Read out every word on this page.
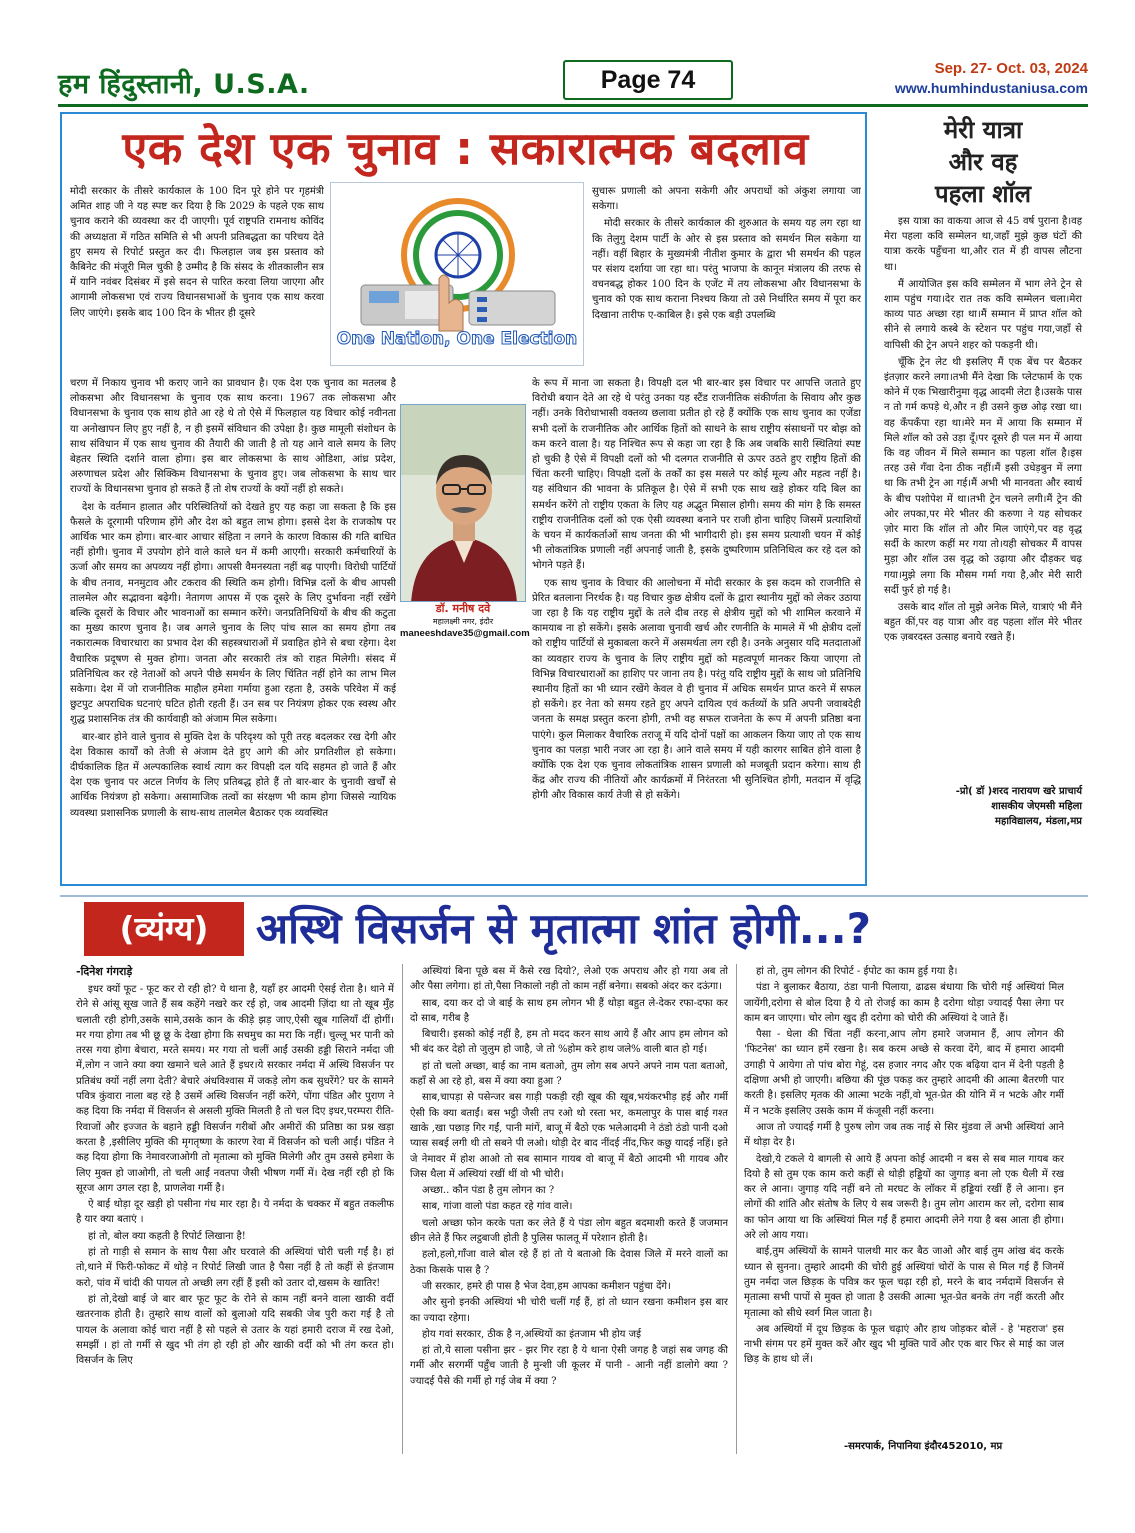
हम हिंदुस्तानी, U.S.A.	Page 74	Sep. 27- Oct. 03, 2024
www.humhindustaniusa.com
एक देश एक चुनाव : सकारात्मक बदलाव

मोदी सरकार के तीसरे कार्यकाल के 100 दिन पूरे होने पर गृहमंत्री अमित शाह जी ने यह स्पष्ट कर दिया है कि 2029 के पहले एक साथ चुनाव कराने की व्यवस्था कर दी जाएगी। पूर्व राष्ट्रपति रामनाथ कोविंद की अध्यक्षता में गठित समिति से भी अपनी प्रतिबद्धता का परिचय देते हुए समय से रिपोर्ट प्रस्तुत कर दी। फिलहाल जब इस प्रस्ताव को कैबिनेट की मंजूरी मिल चुकी है उम्मीद है कि संसद के शीतकालीन सत्र में यानि नवंबर दिसंबर में इसे सदन से पारित करवा लिया जाएगा और आगामी लोकसभा एवं राज्य विधानसभाओं के चुनाव एक साथ करवा लिए जाएंगे। इसके बाद 100 दिन के भीतर ही दूसरे

One Nation, One Election

सुचारू प्रणाली को अपना सकेगी और अपराधों को अंकुश लगाया जा सकेगा।

मोदी सरकार के तीसरे कार्यकाल की शुरुआत के समय यह लग रहा था कि तेलुगु देशम पार्टी के ओर से इस प्रस्ताव को समर्थन मिल सकेगा या नहीं। वहीं बिहार के मुख्यमंत्री नीतीश कुमार के द्वारा भी समर्थन की पहल पर संशय दर्शाया जा रहा था। परंतु भाजपा के कानून मंत्रालय की तरफ से वचनबद्ध होकर 100 दिन के एजेंट में तय लोकसभा और विधानसभा के चुनाव को एक साथ कराना निश्चय किया तो उसे निर्धारित समय में पूरा कर दिखाना तारीफ ए-काबिल है। इसे एक बड़ी उपलब्धि

चरण में निकाय चुनाव भी कराए जाने का प्रावधान है। एक देश एक चुनाव का मतलब है लोकसभा और विधानसभा के चुनाव एक साथ करना। 1967 तक लोकसभा और विधानसभा के चुनाव एक साथ होते आ रहे थे तो ऐसे में फिलहाल यह विचार कोई नवीनता या अनोखापन लिए हुए नहीं है, न ही इसमें संविधान की उपेक्षा है। कुछ मामूली संशोधन के साथ संविधान में एक साथ चुनाव की तैयारी की जाती है तो यह आने वाले समय के लिए बेहतर स्थिति दर्शाने वाला होगा। इस बार लोकसभा के साथ ओडिशा, आंध्र प्रदेश, अरुणाचल प्रदेश और सिक्किम विधानसभा के चुनाव हुए। जब लोकसभा के साथ चार राज्यों के विधानसभा चुनाव हो सकते हैं तो शेष राज्यों के क्यों नहीं हो सकते।

देश के वर्तमान हालात और परिस्थितियों को देखते हुए यह कहा जा सकता है कि इस फैसले के दूरगामी परिणाम होंगे और देश को बहुत लाभ होगा। इससे देश के राजकोष पर आर्थिक भार कम होगा। बार-बार आचार संहिता न लगने के कारण विकास की गति बाधित नहीं होगी। चुनाव में उपयोग होने वाले काले धन में कमी आएगी। सरकारी कर्मचारियों के ऊर्जा और समय का अपव्यय नहीं होगा। आपसी वैमनस्यता नहीं बढ़ पाएगी। विरोधी पार्टियों के बीच तनाव, मनमुटाव और टकराव की स्थिति कम होगी। विभिन्न दलों के बीच आपसी तालमेल और सद्भावना बढ़ेगी। नेतागण आपस में एक दूसरे के लिए दुर्भावना नहीं रखेंगे बल्कि दूसरों के विचार और भावनाओं का सम्मान करेंगे। जनप्रतिनिधियों के बीच की कटुता का मुख्य कारण चुनाव है। जब अगले चुनाव के लिए पांच साल का समय होगा तब नकारात्मक विचारधारा का प्रभाव देश की सहस्त्रधाराओं में प्रवाहित होने से बचा रहेगा। देश वैचारिक प्रदूषण से मुक्त होगा। जनता और सरकारी तंत्र को राहत मिलेगी। संसद में प्रतिनिधित्व कर रहे नेताओं को अपने पीछे समर्थन के लिए चिंतित नहीं होने का लाभ मिल सकेगा। देश में जो राजनीतिक माहौल हमेशा गर्माया हुआ रहता है, उसके परिवेश में कई छुटपुट अपराधिक घटनाएं घटित होती रहती हैं। उन सब पर नियंत्रण होकर एक स्वस्थ और शुद्ध प्रशासनिक तंत्र की कार्यवाही को अंजाम मिल सकेगा।

बार-बार होने वाले चुनाव से मुक्ति देश के परिदृश्य को पूरी तरह बदलकर रख देगी और देश विकास कार्यों को तेजी से अंजाम देते हुए आगे की ओर प्रगतिशील हो सकेगा। दीर्घकालिक हित में अल्पकालिक स्वार्थ त्याग कर विपक्षी दल यदि सहमत हो जाते हैं और देश एक चुनाव पर अटल निर्णय के लिए प्रतिबद्ध होते हैं तो बार-बार के चुनावी खर्चों से आर्थिक नियंत्रण हो सकेगा। असामाजिक तत्वों का संरक्षण भी काम होगा जिससे न्यायिक व्यवस्था प्रशासनिक प्रणाली के साथ-साथ तालमेल बैठाकर एक व्यवस्थित

डॉ. मनीष दवे
महालक्ष्मी नगर, इंदौर
maneeshdave35@gmail.com

के रूप में माना जा सकता है। विपक्षी दल भी बार-बार इस विचार पर आपत्ति जताते हुए विरोधी बयान देते आ रहे थे परंतु उनका यह स्टैंड राजनीतिक संकीर्णता के सिवाय और कुछ नहीं। उनके विरोधाभासी वक्तव्य छलावा प्रतीत हो रहे हैं क्योंकि एक साथ चुनाव का एजेंडा सभी दलों के राजनीतिक और आर्थिक हितों को साधने के साथ राष्ट्रीय संसाधनों पर बोझ को कम करने वाला है। यह निश्चित रूप से कहा जा रहा है कि अब जबकि सारी स्थितियां स्पष्ट हो चुकी है ऐसे में विपक्षी दलों को भी दलगत राजनीति से ऊपर उठते हुए राष्ट्रीय हितों की चिंता करनी चाहिए। विपक्षी दलों के तर्कों का इस मसले पर कोई मूल्य और महत्व नहीं है। यह संविधान की भावना के प्रतिकूल है। ऐसे में सभी एक साथ खड़े होकर यदि बिल का समर्थन करेंगे तो राष्ट्रीय एकता के लिए यह अद्भुत मिसाल होगी। समय की मांग है कि समस्त राष्ट्रीय राजनीतिक दलों को एक ऐसी व्यवस्था बनाने पर राजी होना चाहिए जिसमें प्रत्याशियों के चयन में कार्यकर्ताओं साथ जनता की भी भागीदारी हो। इस समय प्रत्याशी चयन में कोई भी लोकतांत्रिक प्रणाली नहीं अपनाई जाती है, इसके दुष्परिणाम प्रतिनिधित्व कर रहे दल को भोगने पड़ते हैं।

एक साथ चुनाव के विचार की आलोचना में मोदी सरकार के इस कदम को राजनीति से प्रेरित बतलाना निरर्थक है। यह विचार कुछ क्षेत्रीय दलों के द्वारा स्थानीय मुद्दों को लेकर उठाया जा रहा है कि यह राष्ट्रीय मुद्दों के तले दीब तरह से क्षेत्रीय मुद्दों को भी शामिल करवाने में कामयाब ना हो सकेंगे। इसके अलावा चुनावी खर्च और रणनीति के मामले में भी क्षेत्रीय दलों को राष्ट्रीय पार्टियों से मुकाबला करने में असमर्थता लग रही है। उनके अनुसार यदि मतदाताओं का व्यवहार राज्य के चुनाव के लिए राष्ट्रीय मुद्दों को महत्वपूर्ण मानकर किया जाएगा तो विभिन्न विचारधाराओं का हाशिए पर जाना तय है। परंतु यदि राष्ट्रीय मुद्दों के साथ जो प्रतिनिधि स्थानीय हितों का भी ध्यान रखेंगे केवल वे ही चुनाव में अधिक समर्थन प्राप्त करने में सफल हो सकेंगे। हर नेता को समय रहते हुए अपने दायित्व एवं कर्तव्यों के प्रति अपनी जवाबदेही जनता के समक्ष प्रस्तुत करना होगी, तभी वह सफल राजनेता के रूप में अपनी प्रतिष्ठा बना पाएंगे। कुल मिलाकर वैचारिक तराजू में यदि दोनों पक्षों का आकलन किया जाए तो एक साथ चुनाव का पलड़ा भारी नजर आ रहा है। आने वाले समय में यही कारगर साबित होने वाला है क्योंकि एक देश एक चुनाव लोकतांत्रिक शासन प्रणाली को मजबूती प्रदान करेगा। साथ ही केंद्र और राज्य की नीतियों और कार्यक्रमों में निरंतरता भी सुनिश्चित होगी, मतदान में वृद्धि होगी और विकास कार्य तेजी से हो सकेंगे।

मेरी यात्रा
और वह
पहला शॉल

इस यात्रा का वाकया आज से 45 वर्ष पुराना है।वह मेरा पहला कवि सम्मेलन था,जहाँ मुझे कुछ घंटों की यात्रा करके पहुँचना था,और रात में ही वापस लौटना था।

मैं आयोजित इस कवि सम्मेलन में भाग लेने ट्रेन से शाम पहुंच गया।देर रात तक कवि सम्मेलन चला।मेरा काव्य पाठ अच्छा रहा था।मैं सम्मान में प्राप्त शॉल को सीने से लगाये कस्बे के स्टेशन पर पहुंच गया,जहाँ से वापिसी की ट्रेन अपने शहर को पकड़नी थी।

चूँकि ट्रेन लेट थी इसलिए मैं एक बेंच पर बैठकर इंतज़ार करने लगा।तभी मैंने देखा कि प्लेटफार्म के एक कोने में एक भिखारीनुमा वृद्ध आदमी लेटा है।उसके पास न तो गर्म कपड़े थे,और न ही उसने कुछ ओढ़ रखा था।वह कँपकँपा रहा था।मेरे मन में आया कि सम्मान में मिले शॉल को उसे उड़ा दूँ।पर दूसरे ही पल मन में आया कि वह जीवन में मिले सम्मान का पहला शॉल है।इस तरह उसे गँवा देना ठीक नहीं।मैं इसी उधेड़बुन में लगा था कि तभी ट्रेन आ गई।मैं अभी भी मानवता और स्वार्थ के बीच पशोपेश में था।तभी ट्रेन चलने लगी।मैं ट्रेन की ओर लपका,पर मेरे भीतर की करुणा ने यह सोचकर ज़ोर मारा कि शॉल तो और मिल जाएंगे,पर वह वृद्ध सर्दी के कारण कहीं मर गया तो।यही सोचकर मैं वापस मुड़ा और शॉल उस वृद्ध को उढ़ाया और दौड़कर चढ़ गया।मुझे लगा कि मौसम गर्मा गया है,और मेरी सारी सर्दी फुर्र हो गई है।

उसके बाद शॉल तो मुझे अनेक मिले, यात्राएं भी मैंने बहुत कीं,पर वह यात्रा और वह पहला शॉल मेरे भीतर एक ज़बरदस्त उत्साह बनाये रखते हैं।

-प्रो( डॉ )शरद नारायण खरे प्राचार्य
शासकीय जेएमसी महिला
महाविद्यालय, मंडला,मप्र
(व्यंग्य)	अस्थि विसर्जन से मृतात्मा शांत होगी...?
-दिनेश गंगराड़े

इधर क्यों फूट - फूट कर रो रही हो? ये थाना है, यहाँ हर आदमी ऐसई रोता है। थाने में रोने से आंसू सूख जाते हैं सब कहेंगे नखरे कर रई हो, जब आदमी ज़िंदा था तो खूब मुँह चलाती रही होगी,उसके सामे,उसके कान के कीड़े झड़ जाए,ऐसी खूब गालियाँ दीं होगीं। मर गया होगा तब भी छू छू के देखा होगा कि सचमुच का मरा कि नहीं। चुल्लू भर पानी को तरस गया होगा बेचारा, मरते समय। मर गया तो चलीं आईं उसकी हड्डी सिराने नर्मदा जी में,लोग न जाने क्या क्या खमाने चले आते हैं इधर।ये सरकार नर्मदा में अस्थि विसर्जन पर प्रतिबंध क्यों नहीं लगा देती? बेचारे अंधविश्वास में जकड़े लोग कब सुधरेंगे? घर के सामने पवित्र कुंवारा नाला बह रहे है उसमें अस्थि विसर्जन नहीं करेंगे, पोंगा पंडित और पुराण ने कह दिया कि नर्मदा में विसर्जन से असली मुक्ति मिलती है तो चल दिए इधर,परम्परा रीति-रिवाजों और इज्जत के बहाने हड्डी विसर्जन गरीबों और अमीरों की प्रतिष्ठा का प्रश्न खड़ा करता है ,इसीलिए मुक्ति की मृगतृष्णा के कारण रेवा में विसर्जन को चली आईं। पंडित ने कह दिया होगा कि नेमावरजाओगी तो मृतात्मा को मुक्ति मिलेगी और तुम उससे हमेशा के लिए मुक्त हो जाओगी, तो चली आईं नवतपा जैसी भीषण गर्मी में। देख नहीं रही हो कि सूरज आग उगल रहा है, प्राणलेवा गर्मी है।

ऐ बाई थोड़ा दूर खड़ी हो पसीना गंध मार रहा है। ये नर्मदा के चक्कर में बहुत तकलीफ है यार क्या बताएं ।

हां तो, बोल क्या कहती है रिपोर्ट लिखाना है!

हां तो गाड़ी से समान के साथ पैसा और घरवाले की अस्थियां चोरी चली गईं है। हां तो,थाने में फिरी-फोकट में थोड़े न रिपोर्ट लिखी जात है पैसा नहीं है तो कहीं से इंतजाम करो, पांव में चांदी की पायल तो अच्छी लग रहीं हैं इसी को उतार दो,खसम के खातिर!

हां तो,देखो बाई जे बार बार फूट फूट के रोने से काम नहीं बनने वाला खाकी वर्दी खतरनाक होती है। तुम्हारे साथ वालों को बुलाओ यदि सबकी जेब पुरी करा गई है तो पायल के अलावा कोई चारा नहीं है सो पहले से उतार के यहां हमारी दराज में रख देओ, समझीं । हां तो गर्मी से खुद भी तंग हो रही हो और खाकी वर्दी को भी तंग करत हो। विसर्जन के लिए

अस्थियां बिना पूछे बस में कैसे रख दियो?, लेओ एक अपराध और हो गया अब तो और पैसा लगेगा। हां तो,पैसा निकालो नही तो काम नहीं बनेगा। सबको अंदर कर दऊंगा।

साब, दया कर दो जे बाई के साथ हम लोगन भी हैं थोड़ा बहुत ले-देकर रफा-दफा कर दो साब, गरीब है

बिचारी। इसको कोई नहीं है, हम तो मदद करन साथ आये हैं और आप हम लोगन को भी बंद कर देहो तो जुलुम हो जाहै, जे तो %होम करे हाथ जले% वाली बात हो गई।

हां तो चलो अच्छा, बाई का नाम बताओ, तुम लोग सब अपने अपने नाम पता बताओ, कहाँ से आ रहे हो, बस में क्या क्या हुआ ?

साब,चापड़ा से पसेन्जर बस गाड़ी पकड़ी रही खूब की खूब,भयंकरभीड़ हई और गर्मी ऐसी कि क्या बताईं। बस भट्ठी जैसी तप रओ थो रस्ता भर, कमलापुर के पास बाई गश्त खाके ,खा पछाड़ गिर गईं, पानी मांगें, बाजू में बैठो एक भलेआदमी ने ठंडो ठंडो पानी दओ प्यास सबई लगी थी तो सबने पी लओ। थोड़ी देर बाद नींदई नींद,फिर कछु यादई नहिं। इते जे नेमावर में होश आओ तो सब सामान गायब वो बाजू में बैठो आदमी भी गायब और जिस थैला में अस्थियां रखीं थीं वो भी चोरी।

अच्छा.. कौन पंडा है तुम लोगन का ?

साब, गांजा वालो पंडा कहत रहे गांव वाले।

चलो अच्छा फोन करके पता कर लेते हैं ये पंडा लोग बहुत बदमाशी करते हैं जजमान छीन लेते हैं फिर लट्ठबाजी होती है पुलिस फालतू में परेशान होती है।

हलो,हलो,गाँजा वाले बोल रहे हैं हां तो ये बताओ कि देवास जिले में मरने वालों का ठेका किसके पास है ?

जी सरकार, हमरे ही पास है भेज देवा,हम आपका कमीशन पहुंचा देंगे।

और सुनो इनकी अस्थियां भी चोरी चलीं गईं हैं, हां तो ध्यान रखना कमीशन इस बार का ज्यादा रहेगा।

होय गवां सरकार, ठीक है न,अस्थियों का इंतजाम भी होय जई

हां तो,ये साला पसीना झर - झर गिर रहा है ये थाना ऐसी जगह है जहां सब जगह की गर्मी और सरगर्मी पहुँच जाती है मुन्शी जी कूलर में पानी - आनी नहीं डालोगे क्या ? ज्यादई पैसे की गर्मी हो गई जेब में क्या ?

हां तो, तुम लोगन की रिपोर्ट - ईपोट का काम हुई गया है।

पंडा ने बुलाकर बैठाया, ठंडा पानी पिलाया, ढाढस बंधाया कि चोरी गई अस्थियां मिल जायेंगी,दरोगा से बोल दिया है ये तो रोजई का काम है दरोगा थोड़ा ज्यादई पैसा लेगा पर काम बन जाएगा। चोर लोग खुद ही दरोगा को चोरी की अस्थियां दे जाते हैं।

पैसा - धेला की चिंता नहीं करना,आप लोग हमारे जजमान हैं, आप लोगन की 'फिटनेस' का ध्यान हमें रखना है। सब करम अच्छे से करवा देंगे, बाद में हमारा आदमी उगाही पे आयेगा तो पांच बोरा गेहूं, दस हजार नगद और एक बढ़िया दान में देनी पड़ती है दक्षिणा अभी हो जाएगी। बछिया की पूंछ पकड़ कर तुम्हारे आदमी की आत्मा बैतरणी पार करती है। इसलिए मृतक की आत्मा भटके नहीं,वो भूत-प्रेत की योनि में न भटके और गर्मी में न भटके इसलिए उसके काम में कंजूसी नहीं करना।

आज तो ज्यादई गर्मी है पुरुष लोग जब तक नाई से सिर मुंडवा लें अभी अस्थियां आने में थोड़ा देर है।

देखो,ये टकले ये बागली से आये हैं अपना कोई आदमी न बस से सब माल गायब कर दियो है सो तुम एक काम करो कहीं से थोड़ी हड्डियों का जुगाड़ बना लो एक थैली में रख कर ले आना। जुगाड़ यदि नहीं बने तो मरघट के लॉकर में हड्डियां रखीं हैं ले आना। इन लोगों की शांति और संतोष के लिए ये सब जरूरी है। तुम लोग आराम कर लो, दरोगा साब का फोन आया था कि अस्थियां मिल गईं हैं हमारा आदमी लेने गया है बस आता ही होगा। अरे लो आय गया।

बाई,तुम अस्थियों के सामने पालथी मार कर बैठ जाओ और बाई तुम आंख बंद करके ध्यान से सुनना। तुम्हारे आदमी की चोरी हुई अस्थियां चोरों के पास से मिल गई हैं जिनमें तुम नर्मदा जल छिड़क के पवित्र कर फूल चढ़ा रही हो, मरने के बाद नर्मदामें विसर्जन से मृतात्मा सभी पापों से मुक्त हो जाता है उसकी आत्मा भूत-प्रेत बनके तंग नहीं करती और मृतात्मा को सीधे स्वर्ग मिल जाता है।

अब अस्थियों में दूध छिड़क के फूल चढ़ाएं और हाथ जोड़कर बोलें - हे 'महराज' इस नाभी संगम पर हमें मुक्त करें और खुद भी मुक्ति पावें और एक बार फिर से माई का जल छिड़ के हाथ धो लें।

-समरपार्क, निपानिया इंदौर452010, मप्र
